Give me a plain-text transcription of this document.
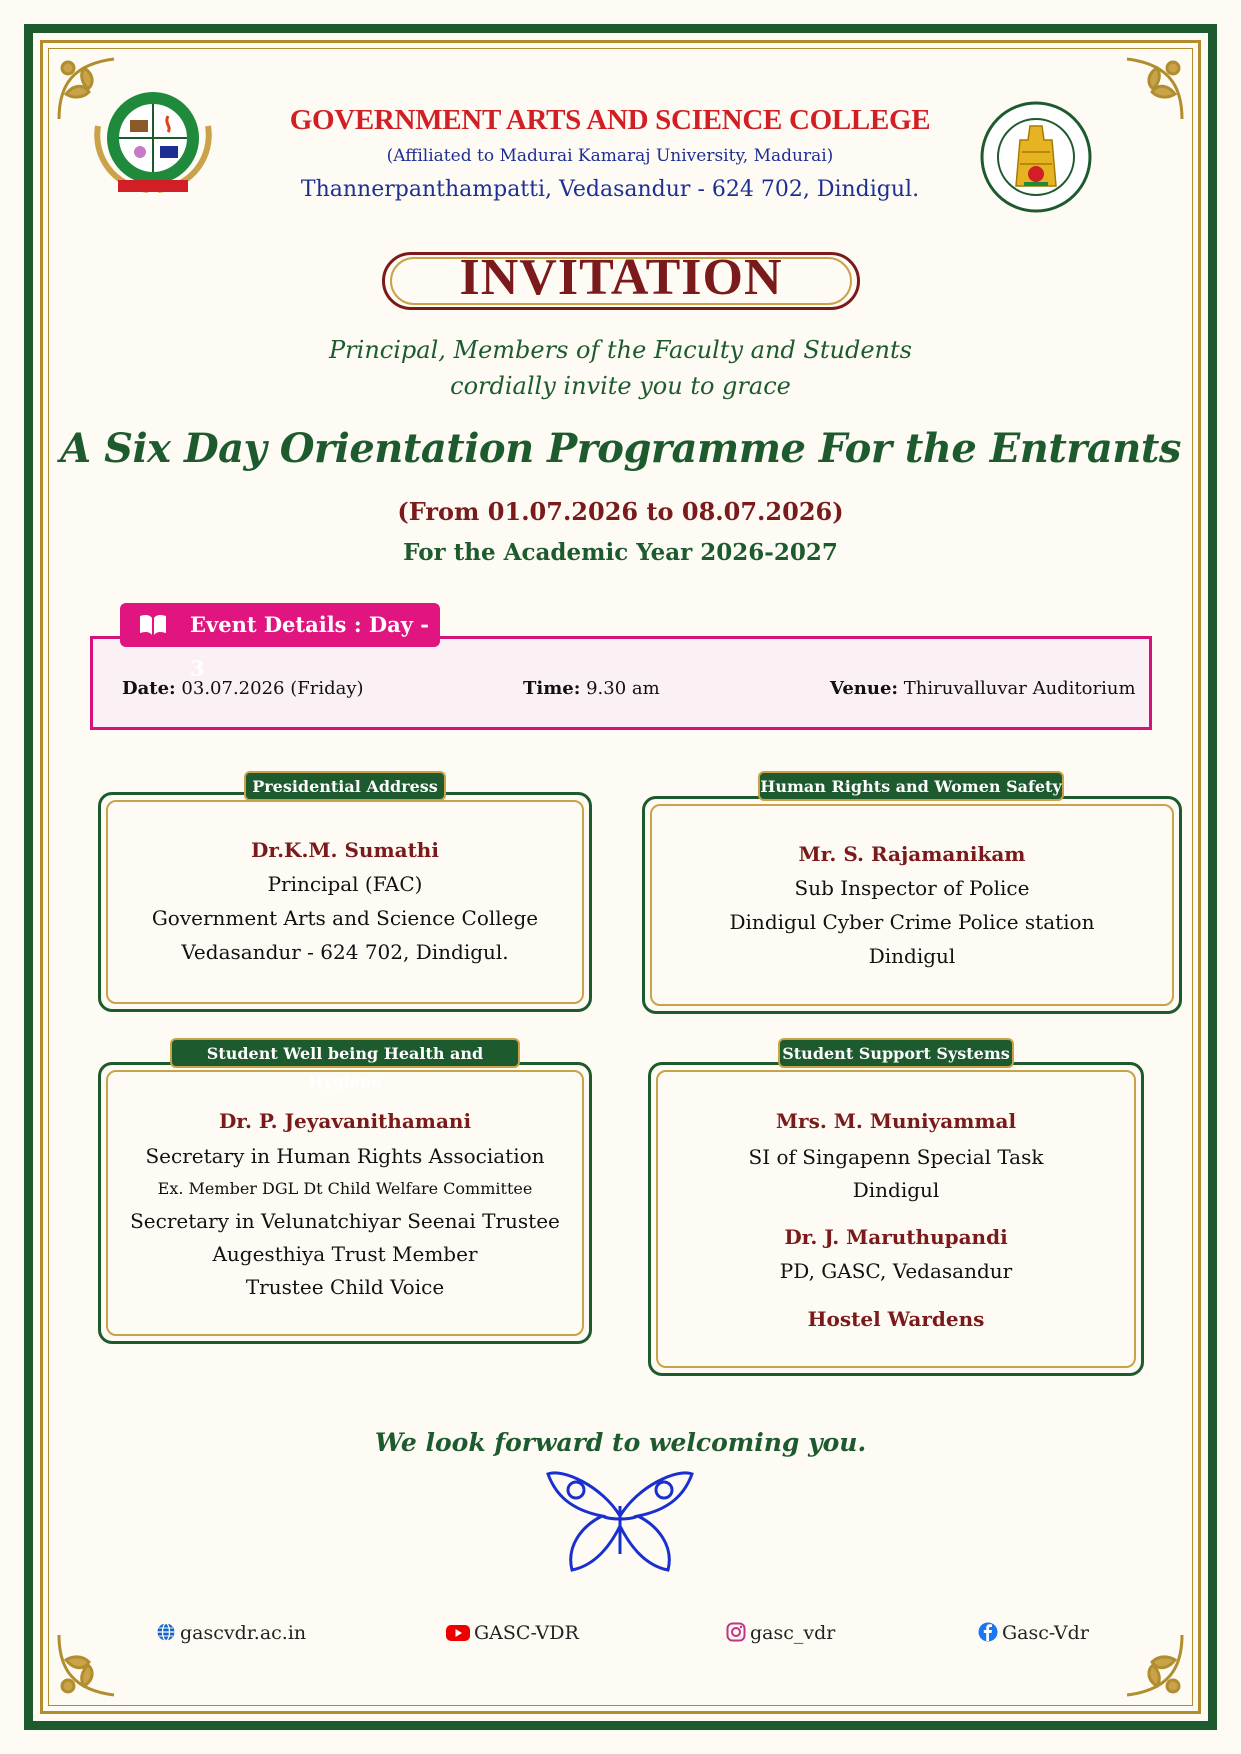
GOVERNMENT ARTS AND SCIENCE COLLEGE
(Affiliated to Madurai Kamaraj University, Madurai)
Thannerpanthampatti, Vedasandur - 624 702, Dindigul.
INVITATION
Principal, Members of the Faculty and Students
cordially invite you to grace
A Six Day Orientation Programme For the Entrants
(From 01.07.2026 to 08.07.2026)
For the Academic Year 2026-2027
Event Details : Day - 3
Date: 03.07.2026 (Friday)	Time: 9.30 am	Venue: Thiruvalluvar Auditorium
Presidential Address
Dr.K.M. Sumathi
Principal (FAC)
Government Arts and Science College
Vedasandur - 624 702, Dindigul.
Human Rights and Women Safety
Mr. S. Rajamanikam
Sub Inspector of Police
Dindigul Cyber Crime Police station
Dindigul
Student Well being Health and Hygiene
Dr. P. Jeyavanithamani
Secretary in Human Rights Association
Ex. Member DGL Dt Child Welfare Committee
Secretary in Velunatchiyar Seenai Trustee
Augesthiya Trust Member
Trustee Child Voice
Student Support Systems
Mrs. M. Muniyammal
SI of Singapenn Special Task
Dindigul
Dr. J. Maruthupandi
PD, GASC, Vedasandur
Hostel Wardens
We look forward to welcoming you.
gascvdr.ac.in	GASC-VDR	gasc_vdr	Gasc-Vdr
